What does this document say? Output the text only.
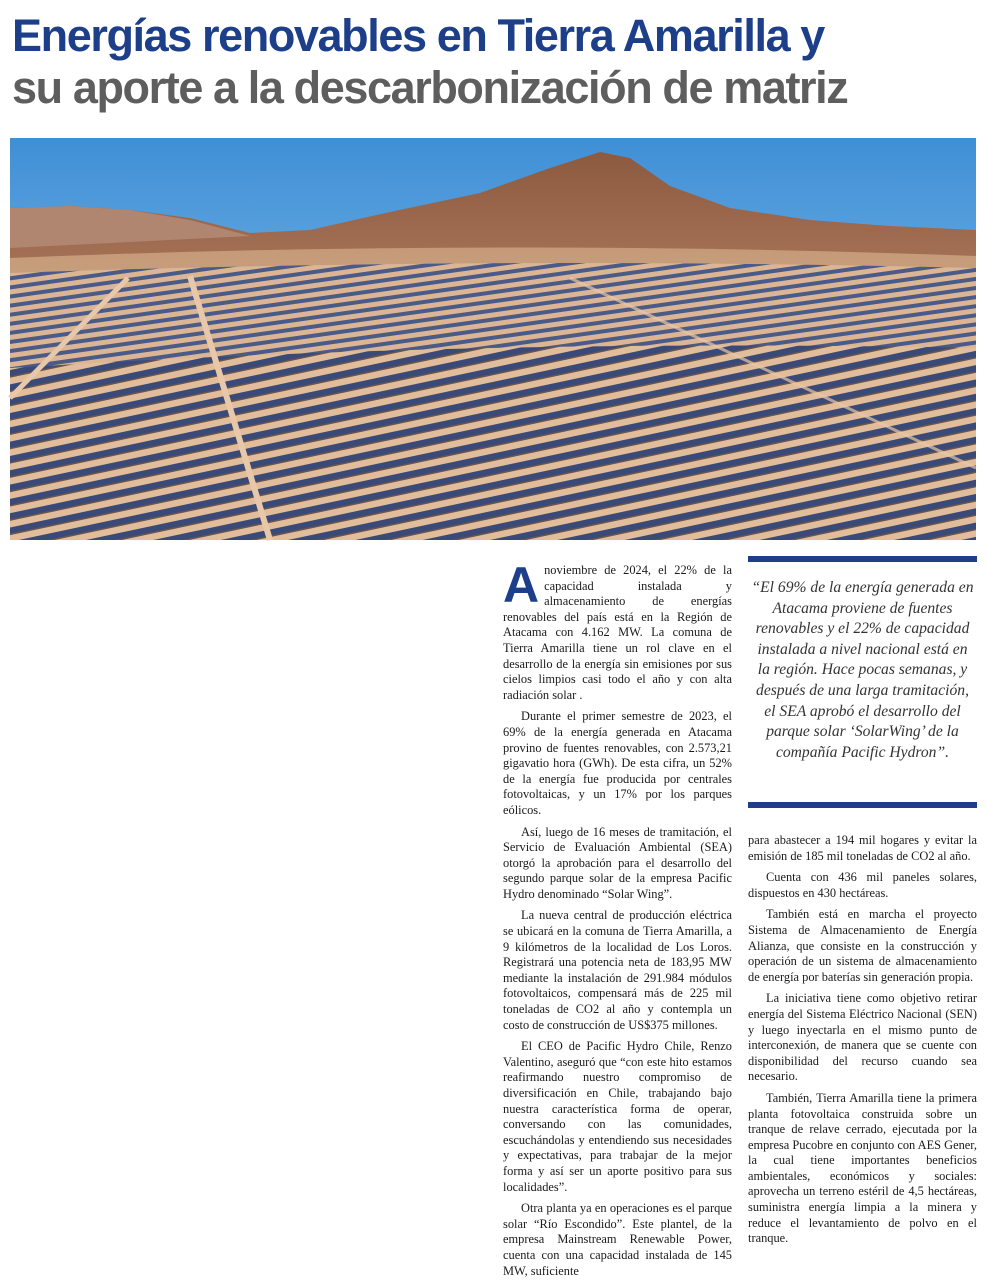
Energías renovables en Tierra Amarilla y
su aporte a la descarbonización de matriz

Anoviembre de 2024, el 22% de la capacidad instalada y almacenamiento de energías renovables del país está en la Región de Atacama con 4.162 MW. La comuna de Tierra Amarilla tiene un rol clave en el desarrollo de la energía sin emisiones por sus cielos limpios casi todo el año y con alta radiación solar .

Durante el primer semestre de 2023, el 69% de la energía generada en Atacama provino de fuentes renovables, con 2.573,21 gigavatio hora (GWh). De esta cifra, un 52% de la energía fue producida por centrales fotovoltaicas, y un 17% por los parques eólicos.

Así, luego de 16 meses de tramitación, el Servicio de Evaluación Ambiental (SEA) otorgó la aprobación para el desarrollo del segundo parque solar de la empresa Pacific Hydro denominado “Solar Wing”.

La nueva central de producción eléctrica se ubicará en la comuna de Tierra Amarilla, a 9 kilómetros de la localidad de Los Loros. Registrará una potencia neta de 183,95 MW mediante la instalación de 291.984 módulos fotovoltaicos, compensará más de 225 mil toneladas de CO2 al año y contempla un costo de construcción de US$375 millones.

El CEO de Pacific Hydro Chile, Renzo Valentino, aseguró que “con este hito estamos reafirmando nuestro compromiso de diversificación en Chile, trabajando bajo nuestra característica forma de operar, conversando con las comunidades, escuchándolas y entendiendo sus necesidades y expectativas, para trabajar de la mejor forma y así ser un aporte positivo para sus localidades”.

Otra planta ya en operaciones es el parque solar “Río Escondido”. Este plantel, de la empresa Mainstream Renewable Power, cuenta con una capacidad instalada de 145 MW, suficiente

“El 69% de la energía generada en Atacama proviene de fuentes renovables y el 22% de capacidad instalada a nivel nacional está en la región. Hace pocas semanas, y después de una larga tramitación, el SEA aprobó el desarrollo del parque solar ‘SolarWing’ de la compañía Pacific Hydron”.

para abastecer a 194 mil hogares y evitar la emisión de 185 mil toneladas de CO2 al año.

Cuenta con 436 mil paneles solares, dispuestos en 430 hectáreas.

También está en marcha el proyecto Sistema de Almacenamiento de Energía Alianza, que consiste en la construcción y operación de un sistema de almacenamiento de energía por baterías sin generación propia.

La iniciativa tiene como objetivo retirar energía del Sistema Eléctrico Nacional (SEN) y luego inyectarla en el mismo punto de interconexión, de manera que se cuente con disponibilidad del recurso cuando sea necesario.

También, Tierra Amarilla tiene la primera planta fotovoltaica construida sobre un tranque de relave cerrado, ejecutada por la empresa Pucobre en conjunto con AES Gener, la cual tiene importantes beneficios ambientales, económicos y sociales: aprovecha un terreno estéril de 4,5 hectáreas, suministra energía limpia a la minera y reduce el levantamiento de polvo en el tranque.
